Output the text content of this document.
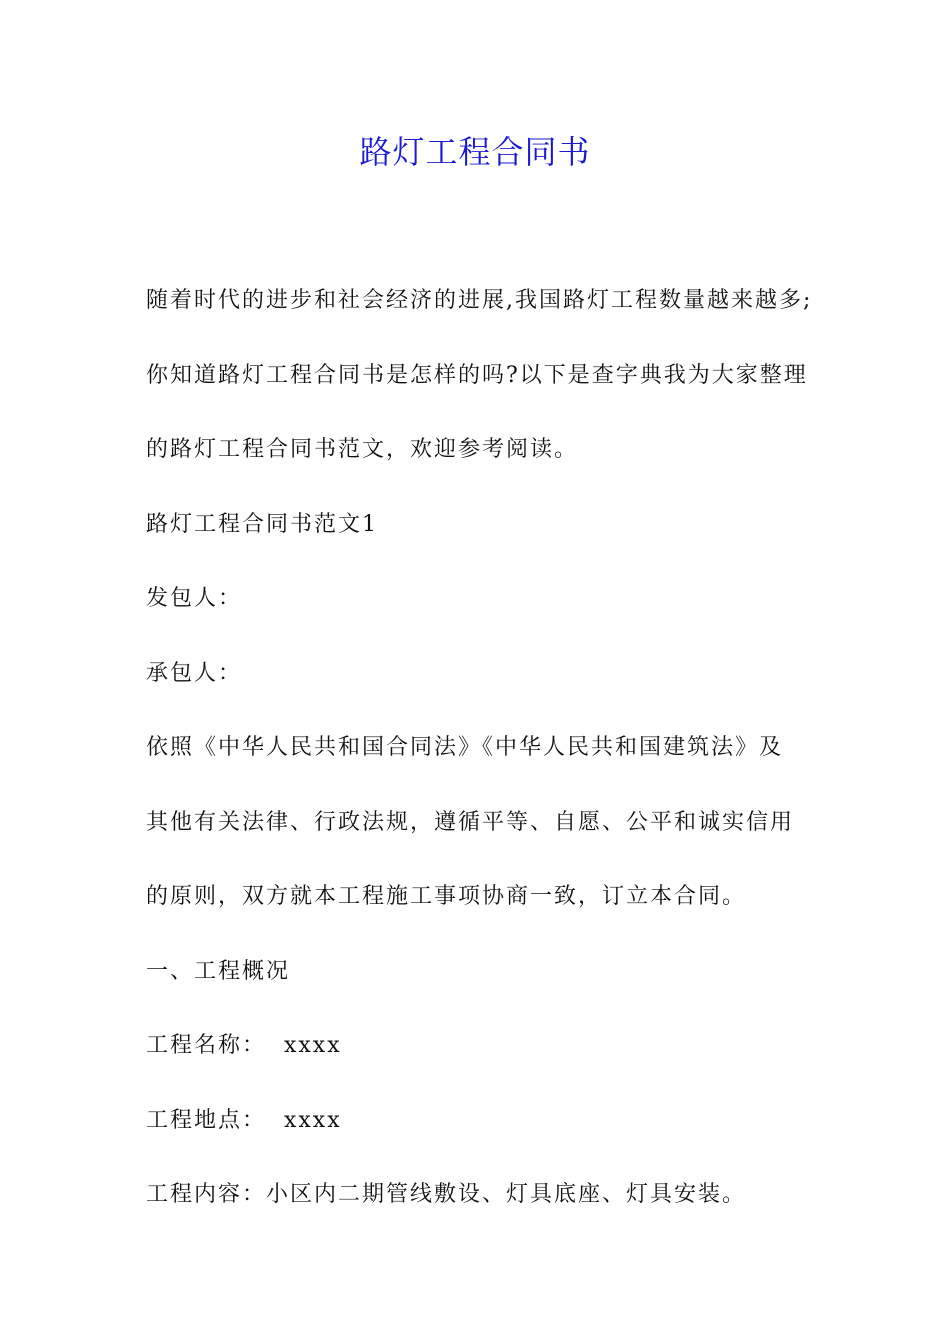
路灯工程合同书

随着时代的进步和社会经济的进展,我国路灯工程数量越来越多;

你知道路灯工程合同书是怎样的吗?以下是查字典我为大家整理

的路灯工程合同书范文，欢迎参考阅读。

路灯工程合同书范文1

发包人：

承包人：

依照《中华人民共和国合同法》《中华人民共和国建筑法》及

其他有关法律、行政法规，遵循平等、自愿、公平和诚实信用

的原则，双方就本工程施工事项协商一致，订立本合同。

一、工程概况

工程名称：  xxxx

工程地点：  xxxx

工程内容：小区内二期管线敷设、灯具底座、灯具安装。
